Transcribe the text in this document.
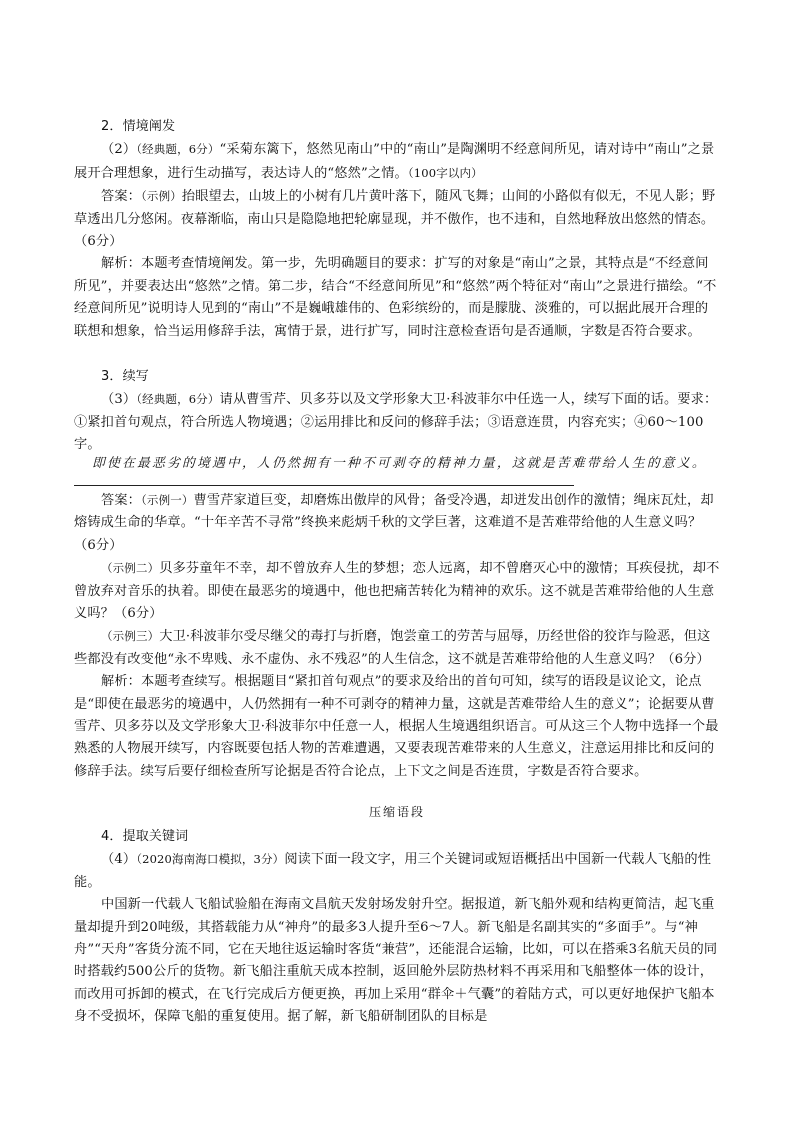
2．情境阐发

（2）（经典题，6分）“采菊东篱下，悠然见南山”中的“南山”是陶渊明不经意间所见，请对诗中“南山”之景展开合理想象，进行生动描写，表达诗人的“悠然”之情。（100字以内）

答案：（示例）抬眼望去，山坡上的小树有几片黄叶落下，随风飞舞；山间的小路似有似无，不见人影；野草透出几分悠闲。夜幕渐临，南山只是隐隐地把轮廓显现，并不傲作，也不违和，自然地释放出悠然的情态。（6分）

解析：本题考查情境阐发。第一步，先明确题目的要求：扩写的对象是“南山”之景，其特点是“不经意间所见”，并要表达出“悠然”之情。第二步，结合“不经意间所见”和“悠然”两个特征对“南山”之景进行描绘。“不经意间所见”说明诗人见到的“南山”不是巍峨雄伟的、色彩缤纷的，而是朦胧、淡雅的，可以据此展开合理的联想和想象，恰当运用修辞手法，寓情于景，进行扩写，同时注意检查语句是否通顺，字数是否符合要求。

3．续写

（3）（经典题，6分）请从曹雪芹、贝多芬以及文学形象大卫·科波菲尔中任选一人，续写下面的话。要求：①紧扣首句观点，符合所选人物境遇；②运用排比和反问的修辞手法；③语意连贯，内容充实；④60～100字。

即使在最恶劣的境遇中，人仍然拥有一种不可剥夺的精神力量，这就是苦难带给人生的意义。

答案：（示例一）曹雪芹家道巨变，却磨炼出傲岸的风骨；备受冷遇，却迸发出创作的激情；绳床瓦灶，却熔铸成生命的华章。“十年辛苦不寻常”终换来彪炳千秋的文学巨著，这难道不是苦难带给他的人生意义吗？（6分）

（示例二）贝多芬童年不幸，却不曾放弃人生的梦想；恋人远离，却不曾磨灭心中的激情；耳疾侵扰，却不曾放弃对音乐的执着。即使在最恶劣的境遇中，他也把痛苦转化为精神的欢乐。这不就是苦难带给他的人生意义吗？（6分）

（示例三）大卫·科波菲尔受尽继父的毒打与折磨，饱尝童工的劳苦与屈辱，历经世俗的狡诈与险恶，但这些都没有改变他“永不卑贱、永不虚伪、永不残忍”的人生信念，这不就是苦难带给他的人生意义吗？（6分）

解析：本题考查续写。根据题目“紧扣首句观点”的要求及给出的首句可知，续写的语段是议论文，论点是“即使在最恶劣的境遇中，人仍然拥有一种不可剥夺的精神力量，这就是苦难带给人生的意义”；论据要从曹雪芹、贝多芬以及文学形象大卫·科波菲尔中任意一人，根据人生境遇组织语言。可从这三个人物中选择一个最熟悉的人物展开续写，内容既要包括人物的苦难遭遇，又要表现苦难带来的人生意义，注意运用排比和反问的修辞手法。续写后要仔细检查所写论据是否符合论点，上下文之间是否连贯，字数是否符合要求。

压缩语段

4．提取关键词

（4）（2020海南海口模拟，3分）阅读下面一段文字，用三个关键词或短语概括出中国新一代载人飞船的性能。

中国新一代载人飞船试验船在海南文昌航天发射场发射升空。据报道，新飞船外观和结构更简洁，起飞重量却提升到20吨级，其搭载能力从“神舟”的最多3人提升至6～7人。新飞船是名副其实的“多面手”。与“神舟”“天舟”客货分流不同，它在天地往返运输时客货“兼营”，还能混合运输，比如，可以在搭乘3名航天员的同时搭载约500公斤的货物。新飞船注重航天成本控制，返回舱外层防热材料不再采用和飞船整体一体的设计，而改用可拆卸的模式，在飞行完成后方便更换，再加上采用“群伞＋气囊”的着陆方式，可以更好地保护飞船本身不受损坏，保障飞船的重复使用。据了解，新飞船研制团队的目标是
